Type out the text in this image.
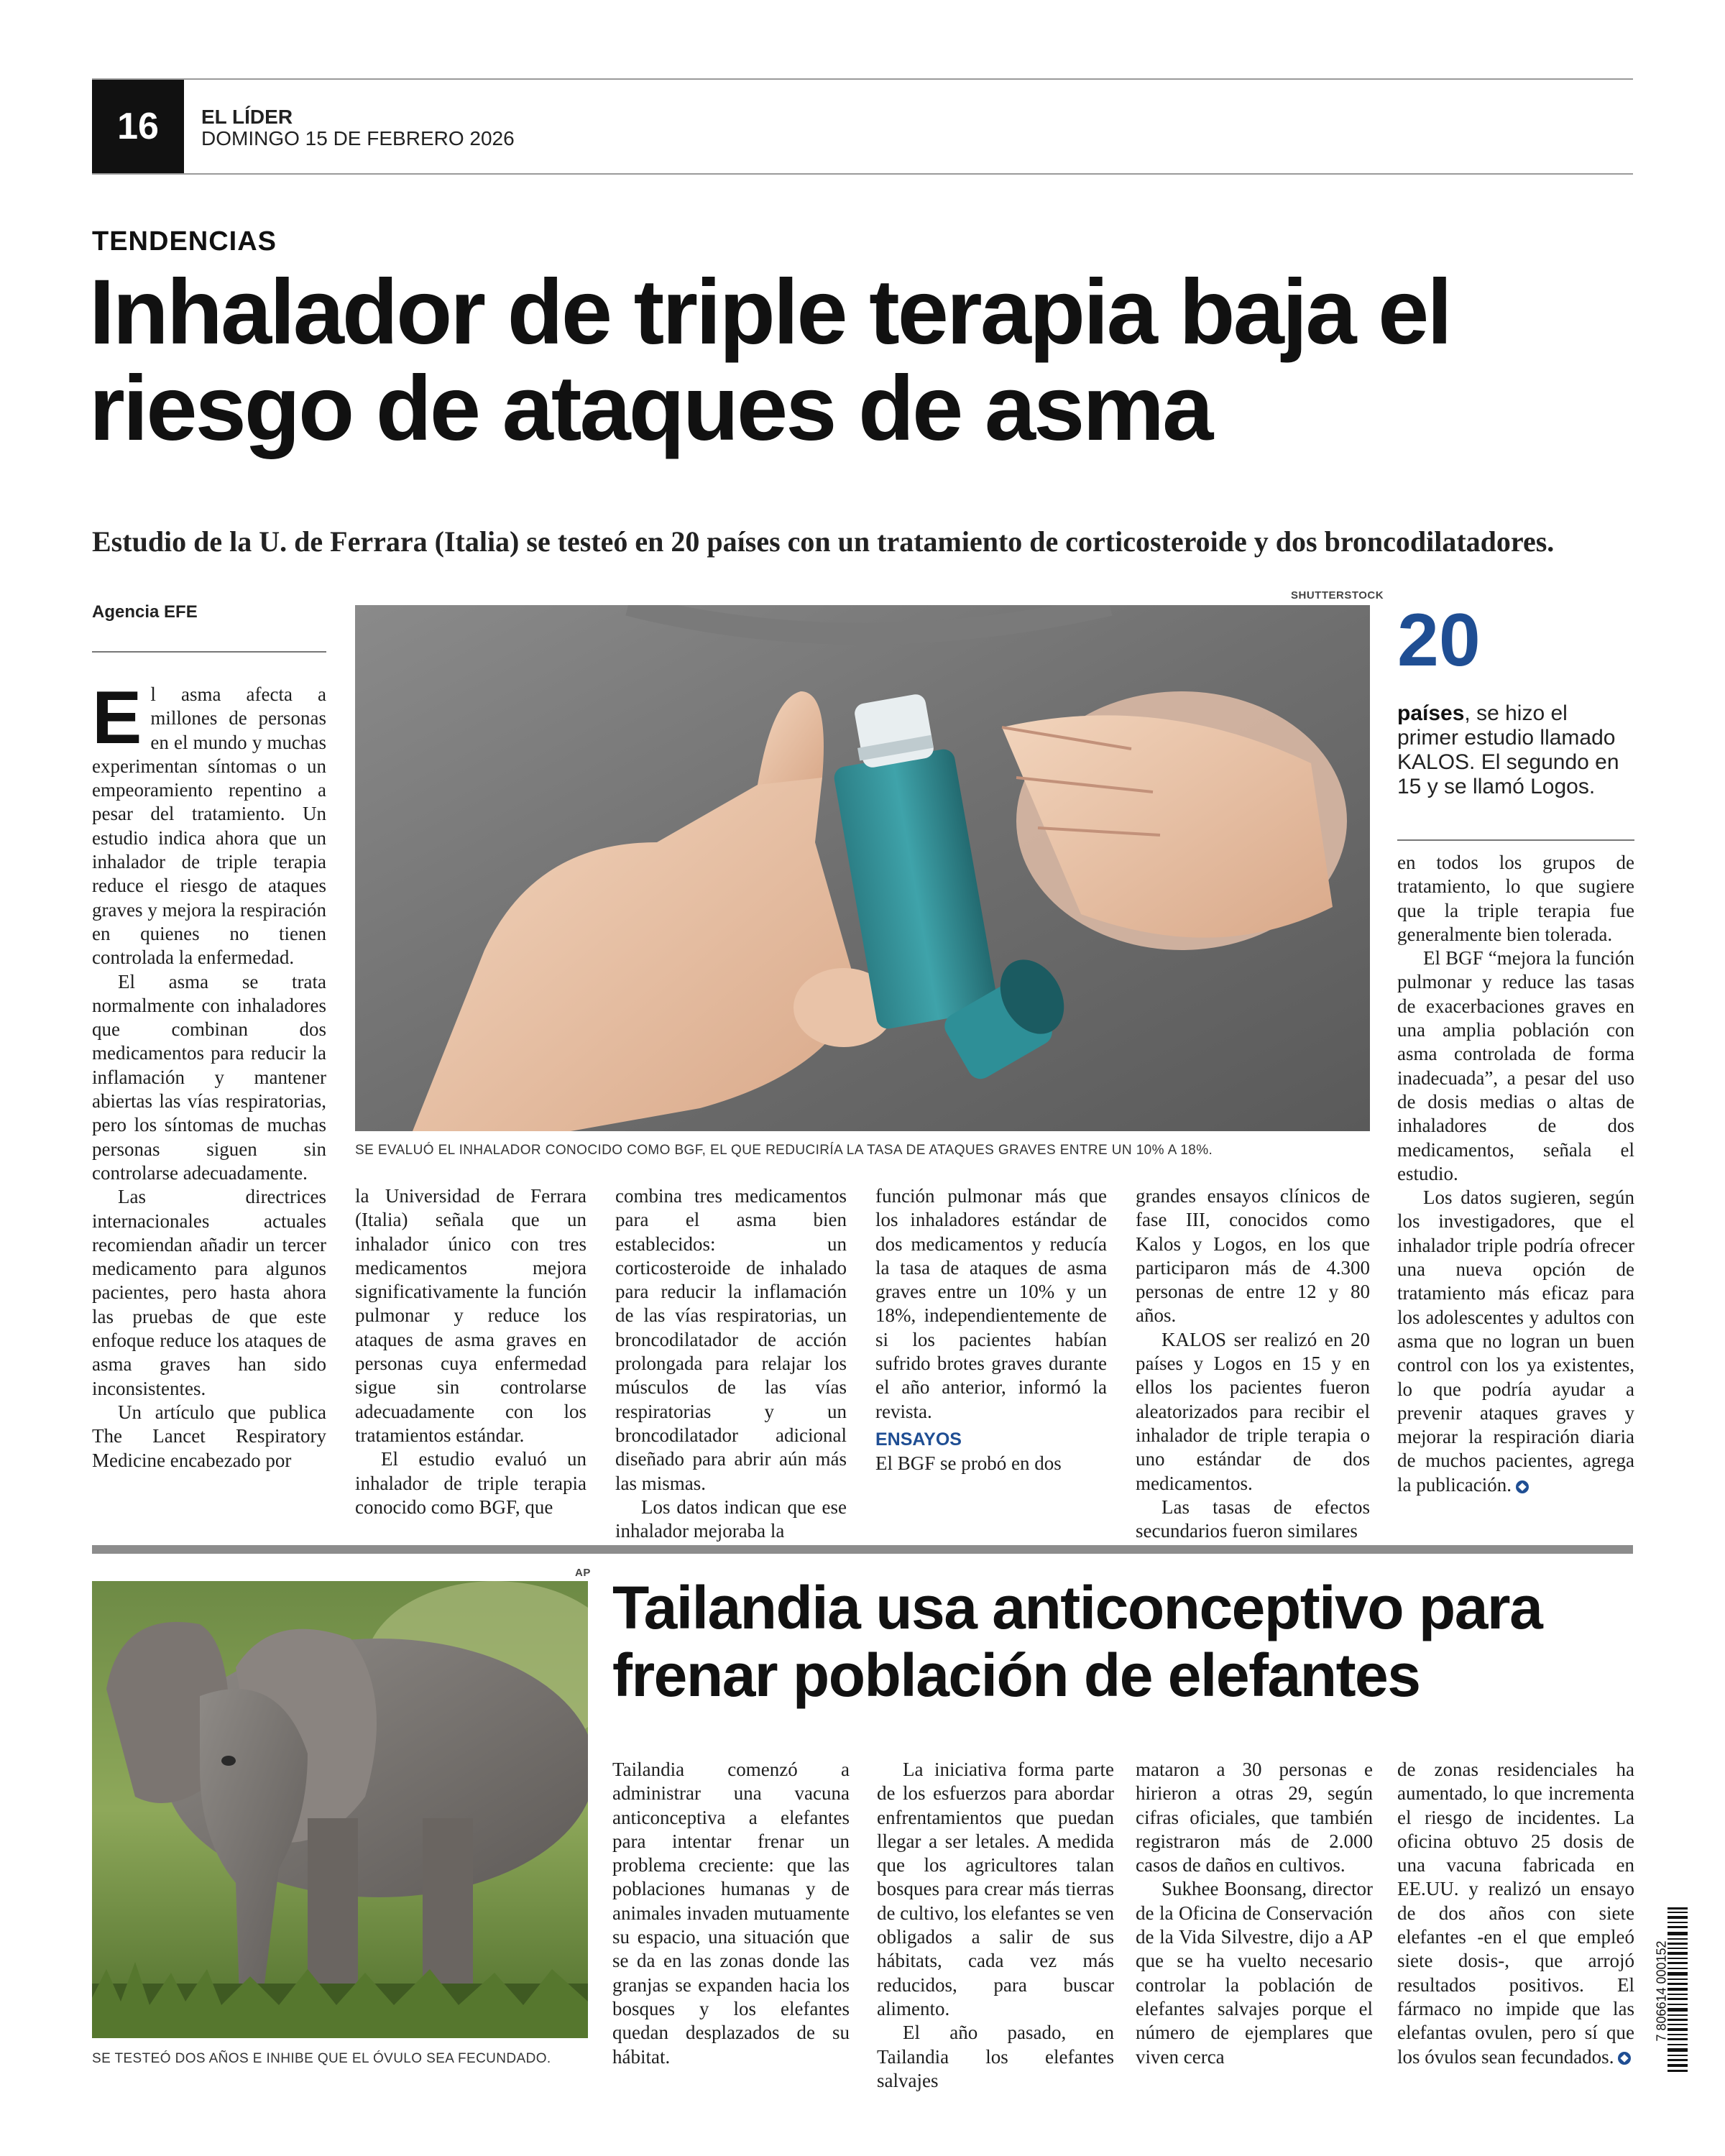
16	EL LÍDER
DOMINGO 15 DE FEBRERO 2026
TENDENCIAS
Inhalador de triple terapia baja el riesgo de ataques de asma
Estudio de la U. de Ferrara (Italia) se testeó en 20 países con un tratamiento de corticosteroide y dos broncodilatadores.
Agencia EFE
SHUTTERSTOCK
SE EVALUÓ EL INHALADOR CONOCIDO COMO BGF, EL QUE REDUCIRÍA LA TASA DE ATAQUES GRAVES ENTRE UN 10% A 18%.
E l asma afecta a millones de personas en el mundo y muchas experimentan síntomas o un empeoramiento repentino a pesar del tratamiento. Un estudio indica ahora que un inhalador de triple terapia reduce el riesgo de ataques graves y mejora la respiración en quienes no tienen controlada la enfermedad.

El asma se trata normalmente con inhaladores que combinan dos medicamentos para reducir la inflamación y mantener abiertas las vías respiratorias, pero los síntomas de muchas personas siguen sin controlarse adecuadamente.

Las directrices internacionales actuales recomiendan añadir un tercer medicamento para algunos pacientes, pero hasta ahora las pruebas de que este enfoque reduce los ataques de asma graves han sido inconsistentes.

Un artículo que publica The Lancet Respiratory Medicine encabezado por

la Universidad de Ferrara (Italia) señala que un inhalador único con tres medicamentos mejora significativamente la función pulmonar y reduce los ataques de asma graves en personas cuya enfermedad sigue sin controlarse adecuadamente con los tratamientos estándar.

El estudio evaluó un inhalador de triple terapia conocido como BGF, que

combina tres medicamentos para el asma bien establecidos: un corticosteroide de inhalado para reducir la inflamación de las vías respiratorias, un broncodilatador de acción prolongada para relajar los músculos de las vías respiratorias y un broncodilatador adicional diseñado para abrir aún más las mismas.

Los datos indican que ese inhalador mejoraba la

función pulmonar más que los inhaladores estándar de dos medicamentos y reducía la tasa de ataques de asma graves entre un 10% y un 18%, independientemente de si los pacientes habían sufrido brotes graves durante el año anterior, informó la revista.

ENSAYOS

El BGF se probó en dos

grandes ensayos clínicos de fase III, conocidos como Kalos y Logos, en los que participaron más de 4.300 personas de entre 12 y 80 años.

KALOS ser realizó en 20 países y Logos en 15 y en ellos los pacientes fueron aleatorizados para recibir el inhalador de triple terapia o uno estándar de dos medicamentos.

Las tasas de efectos secundarios fueron similares

20
países, se hizo el primer estudio llamado KALOS. El segundo en 15 y se llamó Logos.

en todos los grupos de tratamiento, lo que sugiere que la triple terapia fue generalmente bien tolerada.

El BGF “mejora la función pulmonar y reduce las tasas de exacerbaciones graves en una amplia población con asma controlada de forma inadecuada”, a pesar del uso de dosis medias o altas de inhaladores de dos medicamentos, señala el estudio.

Los datos sugieren, según los investigadores, que el inhalador triple podría ofrecer una nueva opción de tratamiento más eficaz para los adolescentes y adultos con asma que no logran un buen control con los ya existentes, lo que podría ayudar a prevenir ataques graves y mejorar la respiración diaria de muchos pacientes, agrega la publicación.

AP
SE TESTEÓ DOS AÑOS E INHIBE QUE EL ÓVULO SEA FECUNDADO.
Tailandia usa anticonceptivo para frenar población de elefantes

Tailandia comenzó a administrar una vacuna anticonceptiva a elefantes para intentar frenar un problema creciente: que las poblaciones humanas y de animales invaden mutuamente su espacio, una situación que se da en las zonas donde las granjas se expanden hacia los bosques y los elefantes quedan desplazados de su hábitat.

La iniciativa forma parte de los esfuerzos para abordar enfrentamientos que puedan llegar a ser letales. A medida que los agricultores talan bosques para crear más tierras de cultivo, los elefantes se ven obligados a salir de sus hábitats, cada vez más reducidos, para buscar alimento.

El año pasado, en Tailandia los elefantes salvajes

mataron a 30 personas e hirieron a otras 29, según cifras oficiales, que también registraron más de 2.000 casos de daños en cultivos.

Sukhee Boonsang, director de la Oficina de Conservación de la Vida Silvestre, dijo a AP que se ha vuelto necesario controlar la población de elefantes salvajes porque el número de ejemplares que viven cerca

de zonas residenciales ha aumentado, lo que incrementa el riesgo de incidentes. La oficina obtuvo 25 dosis de una vacuna fabricada en EE.UU. y realizó un ensayo de dos años con siete elefantes -en el que empleó siete dosis-, que arrojó resultados positivos. El fármaco no impide que las elefantas ovulen, pero sí que los óvulos sean fecundados.

7 806614 000152
